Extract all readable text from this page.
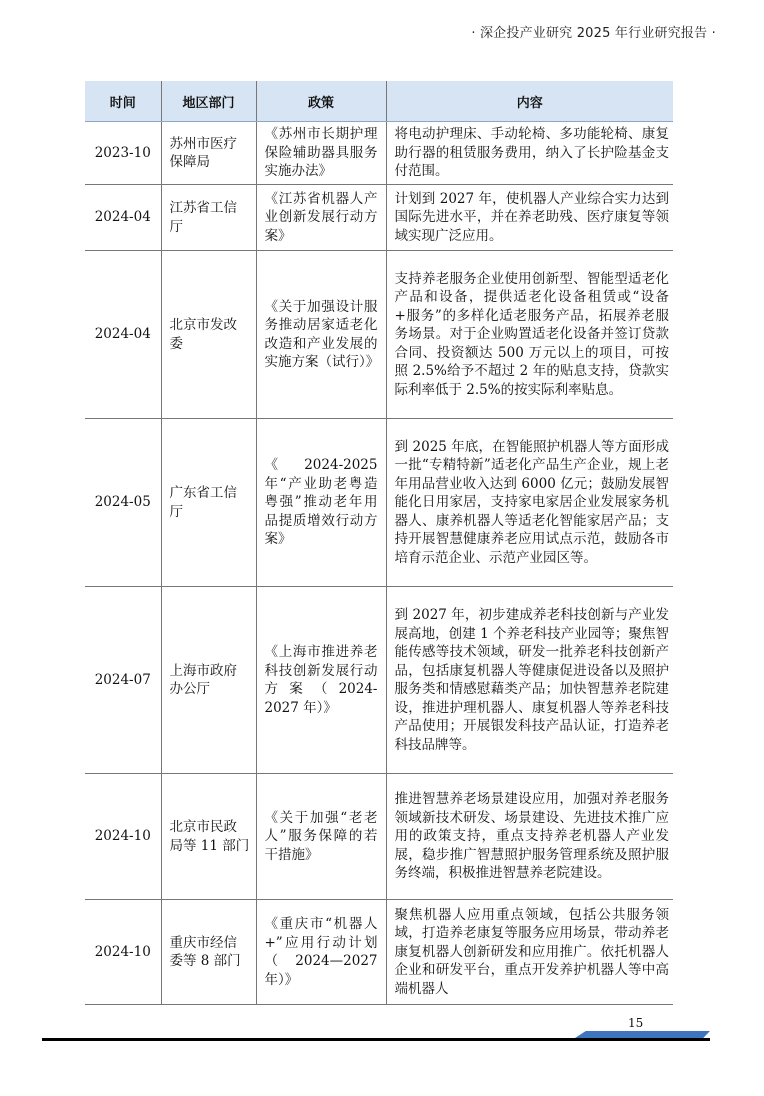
· 深企投产业研究 2025 年行业研究报告 ·
时间	地区部门	政策	内容
2023-10	苏州市医疗保障局	《苏州市长期护理保险辅助器具服务实施办法》	将电动护理床、手动轮椅、多功能轮椅、康复助行器的租赁服务费用，纳入了长护险基金支付范围。
2024-04	江苏省工信厅	《江苏省机器人产业创新发展行动方案》	计划到 2027 年，使机器人产业综合实力达到国际先进水平，并在养老助残、医疗康复等领域实现广泛应用。
2024-04	北京市发改委	《关于加强设计服务推动居家适老化改造和产业发展的实施方案（试行）》	支持养老服务企业使用创新型、智能型适老化产品和设备，提供适老化设备租赁或“设备+服务”的多样化适老服务产品，拓展养老服务场景。对于企业购置适老化设备并签订贷款合同、投资额达 500 万元以上的项目，可按照 2.5%给予不超过 2 年的贴息支持，贷款实际利率低于 2.5%的按实际利率贴息。
2024-05	广东省工信厅	《 2024-2025 年“产业助老粤造粤强”推动老年用品提质增效行动方案》	到 2025 年底，在智能照护机器人等方面形成一批“专精特新”适老化产品生产企业，规上老年用品营业收入达到 6000 亿元；鼓励发展智能化日用家居，支持家电家居企业发展家务机器人、康养机器人等适老化智能家居产品；支持开展智慧健康养老应用试点示范，鼓励各市培育示范企业、示范产业园区等。
2024-07	上海市政府办公厅	《上海市推进养老科技创新发展行动方案（2024-2027 年）》	到 2027 年，初步建成养老科技创新与产业发展高地，创建 1 个养老科技产业园等；聚焦智能传感等技术领域，研发一批养老科技创新产品，包括康复机器人等健康促进设备以及照护服务类和情感慰藉类产品；加快智慧养老院建设，推进护理机器人、康复机器人等养老科技产品使用；开展银发科技产品认证，打造养老科技品牌等。
2024-10	北京市民政局等 11 部门	《关于加强“老老人”服务保障的若干措施》	推进智慧养老场景建设应用，加强对养老服务领域新技术研发、场景建设、先进技术推广应用的政策支持，重点支持养老机器人产业发展，稳步推广智慧照护服务管理系统及照护服务终端，积极推进智慧养老院建设。
2024-10	重庆市经信委等 8 部门	《重庆市“机器人+”应用行动计划（2024—2027 年）》	聚焦机器人应用重点领域，包括公共服务领域，打造养老康复等服务应用场景，带动养老康复机器人创新研发和应用推广。依托机器人企业和研发平台，重点开发养护机器人等中高端机器人
15
